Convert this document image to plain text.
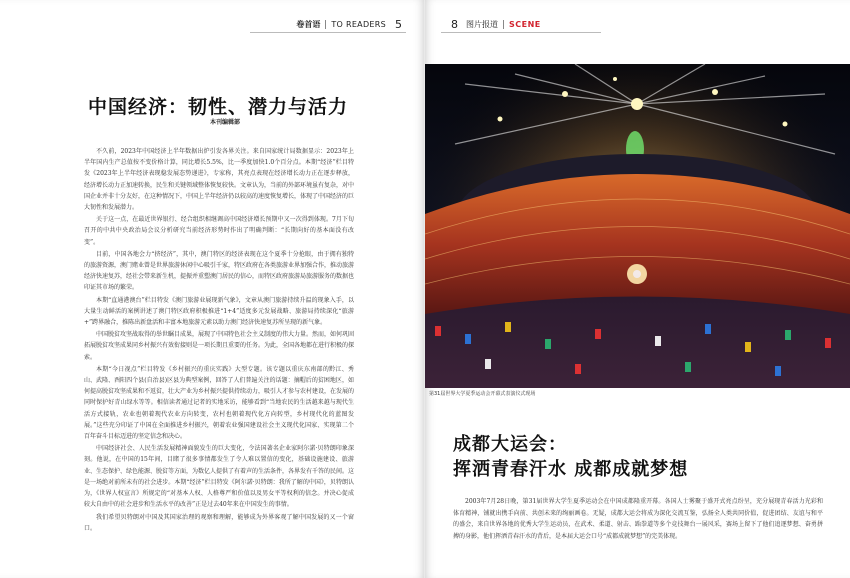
卷首语 TO READERS 5
中国经济：韧性、潜力与活力
本刊编辑部

不久前，2023年中国经济上半年数据出炉引发各界关注。来自国家统计局数据显示：2023年上半年国内生产总值按不变价格计算，同比增长5.5%，比一季度加快1.0个百分点。本期“经济”栏目特发《2023年上半年经济表现稳发展态势递进》，专家称，其亮点表现在经济增长动力正在逐步释放，经济增长动力正加速转换，民生和关键领域整体恢复较快。文章认为，当前的外部环境虽有复杂，对中国企业并非十分友好，在这种情况下，中国上半年经济仍以较高的速度恢复增长，体现了中国经济的巨大韧性和发展潜力。

关于这一点，在最近世界银行、经合组织相继调高中国经济增长预期中又一次得到体现。7月下旬召开的中共中央政治局会议分析研究当前经济形势时作出了明确判断：“长期向好的基本面没有改变”。

目前，中国各地会力“挤经济”，其中，澳门特区的经济表现在这个夏季十分抢眼，由于拥有独特的旅游资源，澳门赌业曾是世界旅游休闲中心吸引千家，特区政府在各类旅游业界加强合作，推动旅游经济快速复苏，经社会带来新生机，提振并重塑澳门居民的信心，而特区政府旅游局旅游服务的数据也印证其市场的繁荣。

本期“直通港澳台”栏目特发《澳门旅游业展现新气象》，文章从澳门旅游持续升温的现象入手，以大量生动鲜活的案例讲述了澳门特区政府积极推进“1+4”适度多元发展战略、旅游局持续深化“旅游+”跨界融合，推陈出新盘活和丰富本地旅游元素以助力澳门经济快速复苏所呈现的新气象。

中国脱贫攻坚战取得的举世瞩目成果，展现了中国特色社会主义制度的伟大力量。然而，如何巩固拓展脱贫攻坚成果同乡村振兴有效衔接则是一项长期且重要的任务。为此，全国各地都在进行积极的探索。

本期“今日视点”栏目特发《乡村振兴的重庆实践》大型专题。该专题以重庆东南部的黔江、秀山、武隆、酉阳四个县(自治县)区县为典型案例，回答了人们普遍关注的话题：摘帽后的贫困地区，如何提高脱贫攻坚成果和不返贫，壮大产业为乡村振兴提供持续动力，吸引人才参与农村建设，在发展的同时保护好青山绿水等等。相信读者通过记者的实地采访，能够看到“当地农民的生活越来越与现代生活方式接轨，农业也朝着现代农业方向转变，农村也朝着现代化方向转型，乡村现代化的蓝图发展。”这些充分印证了中国在全面推进乡村振兴，朝着农业强国建设社会主义现代化国家、实现第二个百年奋斗目标迈进的坚定信念和决心。

中国经济社会、人民生活发展精神面貌发生的巨大变化，令法国著名企业家阿尔諾·贝特朗印象深刻。他说，在中国的15年间，目睹了很多事情都发生了令人难以置信的变化，基础设施建设、旅游业、生态保护、绿色能源、脱贫等方面，为数亿人提供了有着声的生活条件，各界发有千答的民间。这是一场绝对前所未有的社会进步。本期“经济”栏目特发《阿尔諾·贝特朗：我所了解的中国》，贝特朗认为，《世界人权宣言》所规定的“对基本人权、人格尊严和价值以及男女平等权利的信念。并决心促成较大自由中的社会进步和生活水平的改善”正是过去40年来在中国发生的事情。

我们希望贝特朗对中国及其国家治理的观察和理解，能够成为外界客观了解中国发展的又一个窗口。

8 图片报道 SCENE
第31届世界大学夏季运动会开幕式表演仪式现场
成都大运会：
挥洒青春汗水 成都成就梦想

2003年7月28日晚，第31届世界大学生夏季运动会在中国成都隆重开幕。各国人士雾聚于盛开式亮点纷呈，充分展现青春活力光彩和体育精神，铺就出携手向前、共创未来的绚丽画卷。无疑，成都大运会将成为深化交流互鉴，弘扬全人类共同价值，促进团结、友谊与和平的盛会，来自世界各地的优秀大学生运动员，在武术、柔道、射击、跆拳道等多个竞技舞台一展风采，赛场上留下了他们追逐梦想、奋勇拼搏的身影，他们挥洒青春汗水的背后，是本届大运会口号“成都成就梦想”的完美体现。
